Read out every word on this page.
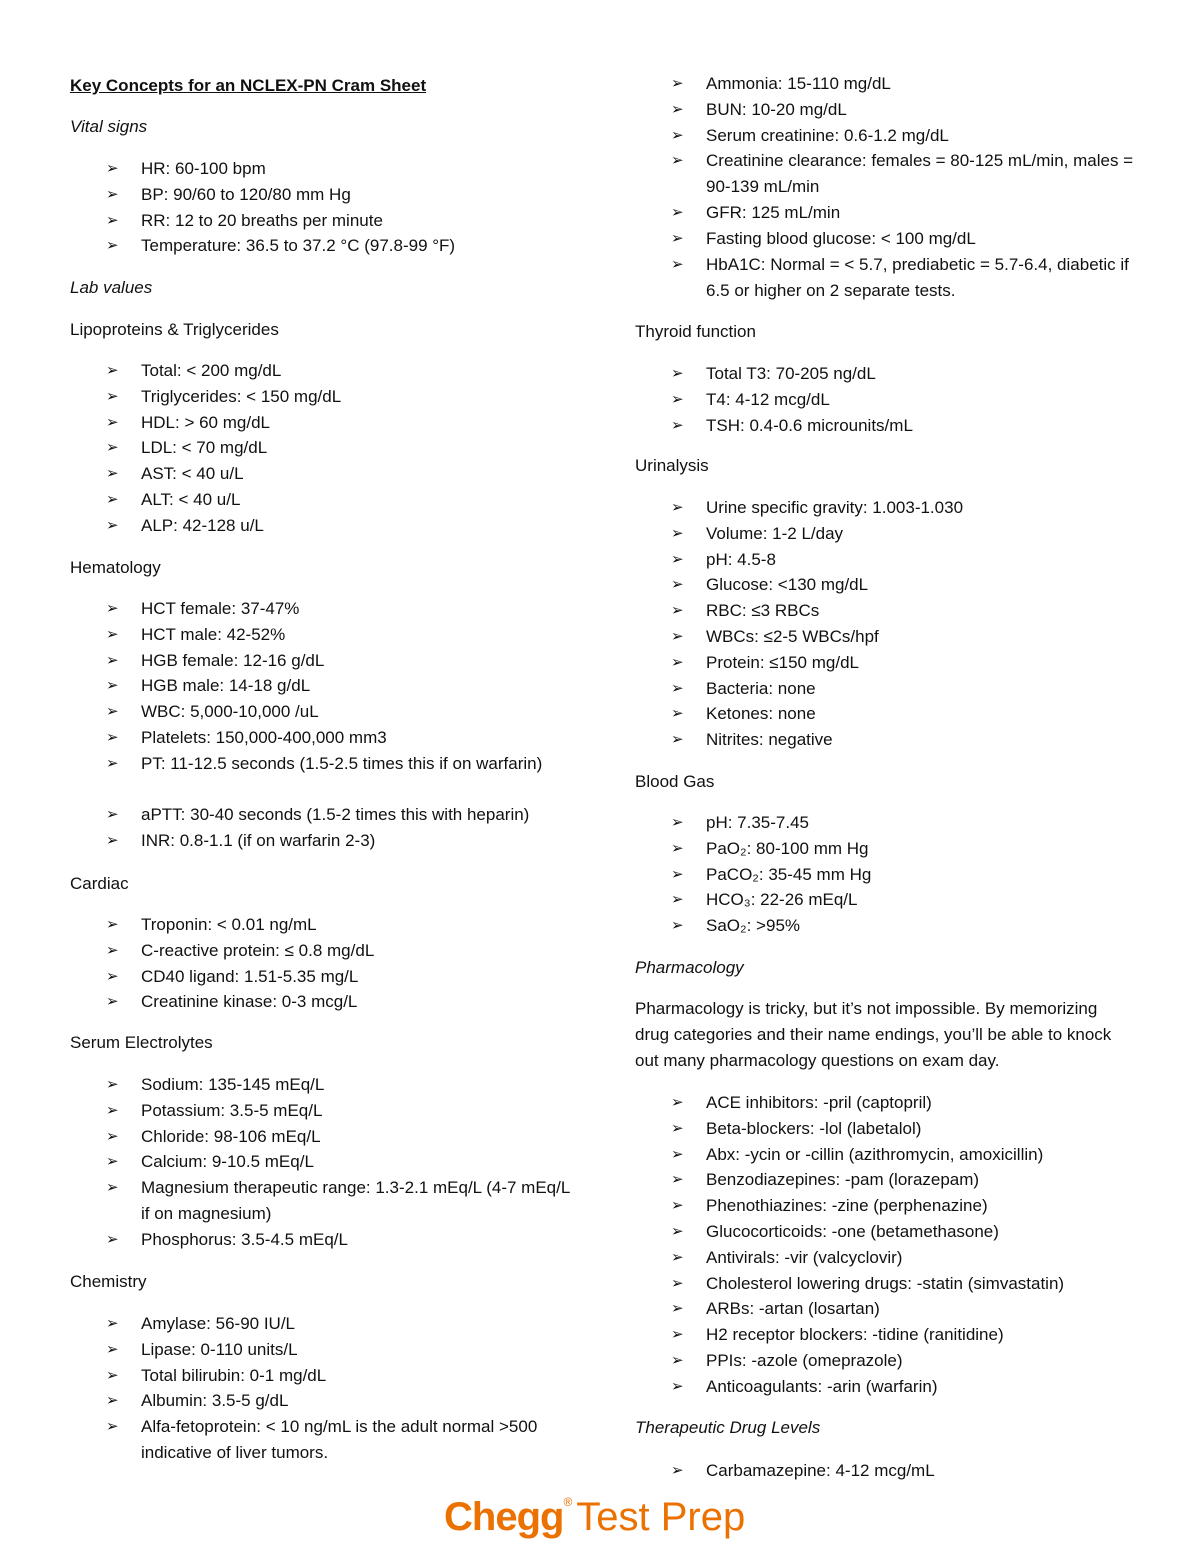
Key Concepts for an NCLEX-PN Cram Sheet
Vital signs
➢	HR: 60-100 bpm
➢	BP: 90/60 to 120/80 mm Hg
➢	RR: 12 to 20 breaths per minute
➢	Temperature: 36.5 to 37.2 °C (97.8-99 °F)
Lab values
Lipoproteins & Triglycerides
➢	Total: < 200 mg/dL
➢	Triglycerides: < 150 mg/dL
➢	HDL: > 60 mg/dL
➢	LDL: < 70 mg/dL
➢	AST: < 40 u/L
➢	ALT: < 40 u/L
➢	ALP: 42-128 u/L
Hematology
➢	HCT female: 37-47%
➢	HCT male: 42-52%
➢	HGB female: 12-16 g/dL
➢	HGB male: 14-18 g/dL
➢	WBC: 5,000-10,000 /uL
➢	Platelets: 150,000-400,000 mm3
➢	PT: 11-12.5 seconds (1.5-2.5 times this if on warfarin)
➢	aPTT: 30-40 seconds (1.5-2 times this with heparin)
➢	INR: 0.8-1.1 (if on warfarin 2-3)
Cardiac
➢	Troponin: < 0.01 ng/mL
➢	C-reactive protein: ≤ 0.8 mg/dL
➢	CD40 ligand: 1.51-5.35 mg/L
➢	Creatinine kinase: 0-3 mcg/L
Serum Electrolytes
➢	Sodium: 135-145 mEq/L
➢	Potassium: 3.5-5 mEq/L
➢	Chloride: 98-106 mEq/L
➢	Calcium: 9-10.5 mEq/L
➢	Magnesium therapeutic range: 1.3-2.1 mEq/L (4-7 mEq/L if on magnesium)
➢	Phosphorus: 3.5-4.5 mEq/L
Chemistry
➢	Amylase: 56-90 IU/L
➢	Lipase: 0-110 units/L
➢	Total bilirubin: 0-1 mg/dL
➢	Albumin: 3.5-5 g/dL
➢	Alfa-fetoprotein: < 10 ng/mL is the adult normal >500 indicative of liver tumors.
➢	Ammonia: 15-110 mg/dL
➢	BUN: 10-20 mg/dL
➢	Serum creatinine: 0.6-1.2 mg/dL
➢	Creatinine clearance: females = 80-125 mL/min, males = 90-139 mL/min
➢	GFR: 125 mL/min
➢	Fasting blood glucose: < 100 mg/dL
➢	HbA1C: Normal = < 5.7, prediabetic = 5.7-6.4, diabetic if 6.5 or higher on 2 separate tests.
Thyroid function
➢	Total T3: 70-205 ng/dL
➢	T4: 4-12 mcg/dL
➢	TSH: 0.4-0.6 microunits/mL
Urinalysis
➢	Urine specific gravity: 1.003-1.030
➢	Volume: 1-2 L/day
➢	pH: 4.5-8
➢	Glucose: <130 mg/dL
➢	RBC: ≤3 RBCs
➢	WBCs: ≤2-5 WBCs/hpf
➢	Protein: ≤150 mg/dL
➢	Bacteria: none
➢	Ketones: none
➢	Nitrites: negative
Blood Gas
➢	pH: 7.35-7.45
➢	PaO₂: 80-100 mm Hg
➢	PaCO₂: 35-45 mm Hg
➢	HCO₃: 22-26 mEq/L
➢	SaO₂: >95%
Pharmacology
Pharmacology is tricky, but it’s not impossible. By memorizing drug categories and their name endings, you’ll be able to knock out many pharmacology questions on exam day.
➢	ACE inhibitors: -pril (captopril)
➢	Beta-blockers: -lol (labetalol)
➢	Abx: -ycin or -cillin (azithromycin, amoxicillin)
➢	Benzodiazepines: -pam (lorazepam)
➢	Phenothiazines: -zine (perphenazine)
➢	Glucocorticoids: -one (betamethasone)
➢	Antivirals: -vir (valcyclovir)
➢	Cholesterol lowering drugs: -statin (simvastatin)
➢	ARBs: -artan (losartan)
➢	H2 receptor blockers: -tidine (ranitidine)
➢	PPIs: -azole (omeprazole)
➢	Anticoagulants: -arin (warfarin)
Therapeutic Drug Levels
➢	Carbamazepine: 4-12 mcg/mL
Chegg® Test Prep
